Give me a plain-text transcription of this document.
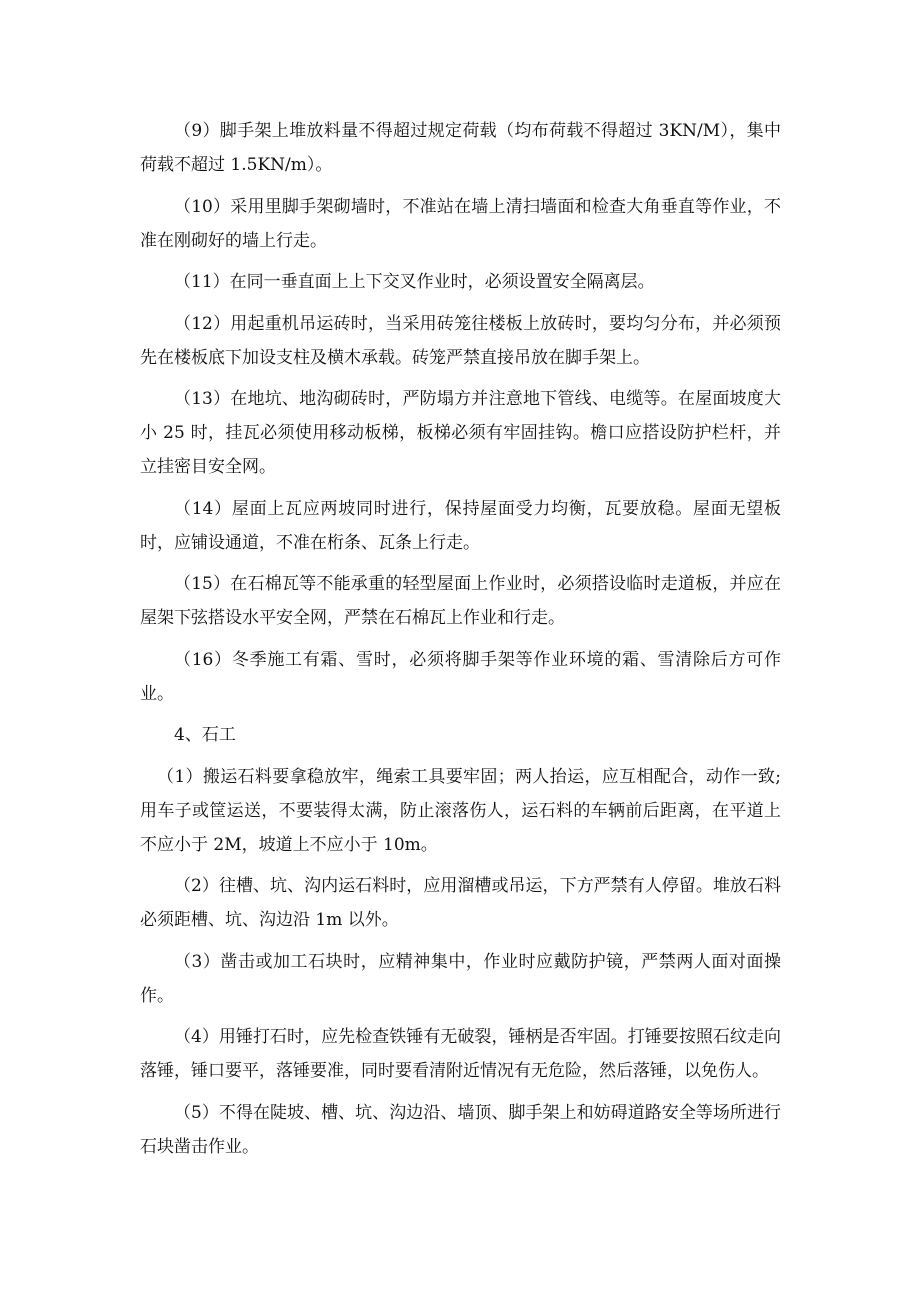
（9）脚手架上堆放料量不得超过规定荷载（均布荷载不得超过 3KN/M），集中荷载不超过 1.5KN/m）。

（10）采用里脚手架砌墙时，不准站在墙上清扫墙面和检查大角垂直等作业，不准在刚砌好的墙上行走。

（11）在同一垂直面上上下交叉作业时，必须设置安全隔离层。

（12）用起重机吊运砖时，当采用砖笼往楼板上放砖时，要均匀分布，并必须预先在楼板底下加设支柱及横木承载。砖笼严禁直接吊放在脚手架上。

（13）在地坑、地沟砌砖时，严防塌方并注意地下管线、电缆等。在屋面坡度大小 25 时，挂瓦必须使用移动板梯，板梯必须有牢固挂钩。檐口应搭设防护栏杆，并立挂密目安全网。

（14）屋面上瓦应两坡同时进行，保持屋面受力均衡，瓦要放稳。屋面无望板时，应铺设通道，不准在桁条、瓦条上行走。

（15）在石棉瓦等不能承重的轻型屋面上作业时，必须搭设临时走道板，并应在屋架下弦搭设水平安全网，严禁在石棉瓦上作业和行走。

（16）冬季施工有霜、雪时，必须将脚手架等作业环境的霜、雪清除后方可作业。

4、石工

（1）搬运石料要拿稳放牢，绳索工具要牢固；两人抬运，应互相配合，动作一致; 用车子或筐运送，不要装得太满，防止滚落伤人，运石料的车辆前后距离，在平道上不应小于 2M，坡道上不应小于 10m。

（2）往槽、坑、沟内运石料时，应用溜槽或吊运，下方严禁有人停留。堆放石料必须距槽、坑、沟边沿 1m 以外。

（3）凿击或加工石块时，应精神集中，作业时应戴防护镜，严禁两人面对面操作。

（4）用锤打石时，应先检查铁锤有无破裂，锤柄是否牢固。打锤要按照石纹走向落锤，锤口要平，落锤要准，同时要看清附近情况有无危险，然后落锤，以免伤人。

（5）不得在陡坡、槽、坑、沟边沿、墙顶、脚手架上和妨碍道路安全等场所进行石块凿击作业。
